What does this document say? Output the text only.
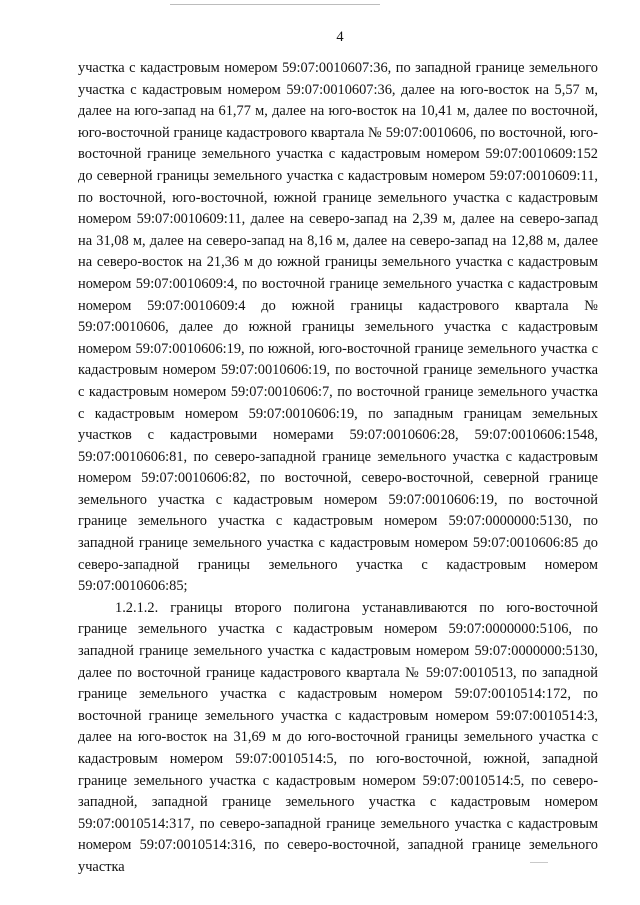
4

участка с кадастровым номером 59:07:0010607:36, по западной границе земельного участка с кадастровым номером 59:07:0010607:36, далее на юго-восток на 5,57 м, далее на юго-запад на 61,77 м, далее на юго-восток на 10,41 м, далее по восточной, юго-восточной границе кадастрового квартала № 59:07:0010606, по восточной, юго-восточной границе земельного участка с кадастровым номером 59:07:0010609:152 до северной границы земельного участка с кадастровым номером 59:07:0010609:11, по восточной, юго-восточной, южной границе земельного участка с кадастровым номером 59:07:0010609:11, далее на северо-запад на 2,39 м, далее на северо-запад на 31,08 м, далее на северо-запад на 8,16 м, далее на северо-запад на 12,88 м, далее на северо-восток на 21,36 м до южной границы земельного участка с кадастровым номером 59:07:0010609:4, по восточной границе земельного участка с кадастровым номером 59:07:0010609:4 до южной границы кадастрового квартала № 59:07:0010606, далее до южной границы земельного участка с кадастровым номером 59:07:0010606:19, по южной, юго-восточной границе земельного участка с кадастровым номером 59:07:0010606:19, по восточной границе земельного участка с кадастровым номером 59:07:0010606:7, по восточной границе земельного участка с кадастровым номером 59:07:0010606:19, по западным границам земельных участков с кадастровыми номерами 59:07:0010606:28, 59:07:0010606:1548, 59:07:0010606:81, по северо-западной границе земельного участка с кадастровым номером 59:07:0010606:82, по восточной, северо-восточной, северной границе земельного участка с кадастровым номером 59:07:0010606:19, по восточной границе земельного участка с кадастровым номером 59:07:0000000:5130, по западной границе земельного участка с кадастровым номером 59:07:0010606:85 до северо-западной границы земельного участка с кадастровым номером 59:07:0010606:85;

1.2.1.2. границы второго полигона устанавливаются по юго-восточной границе земельного участка с кадастровым номером 59:07:0000000:5106, по западной границе земельного участка с кадастровым номером 59:07:0000000:5130, далее по восточной границе кадастрового квартала № 59:07:0010513, по западной границе земельного участка с кадастровым номером 59:07:0010514:172, по восточной границе земельного участка с кадастровым номером 59:07:0010514:3, далее на юго-восток на 31,69 м до юго-восточной границы земельного участка с кадастровым номером 59:07:0010514:5, по юго-восточной, южной, западной границе земельного участка с кадастровым номером 59:07:0010514:5, по северо-западной, западной границе земельного участка с кадастровым номером 59:07:0010514:317, по северо-западной границе земельного участка с кадастровым номером 59:07:0010514:316, по северо-восточной, западной границе земельного участка
